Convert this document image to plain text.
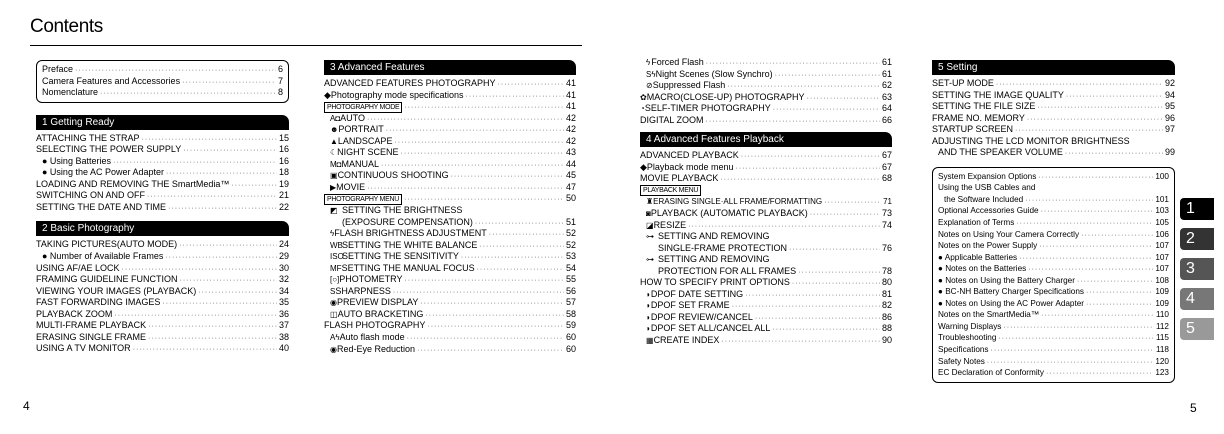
Contents
Preface ·····	6
Camera Features and Accessories ·····	7
Nomenclature ·····	8
1 Getting Ready
ATTACHING THE STRAP ·····	15
SELECTING THE POWER SUPPLY ·····	16
● Using Batteries ·····	16
● Using the AC Power Adapter ·····	18
LOADING AND REMOVING THE SmartMedia™ ·····	19
SWITCHING ON AND OFF ·····	21
SETTING THE DATE AND TIME ·····	22
2 Basic Photography
TAKING PICTURES(AUTO MODE) ·····	24
● Number of Available Frames ·····	29
USING AF/AE LOCK ·····	30
FRAMING GUIDELINE FUNCTION ·····	32
VIEWING YOUR IMAGES (PLAYBACK) ·····	34
FAST FORWARDING IMAGES ·····	35
PLAYBACK ZOOM ·····	36
MULTI-FRAME PLAYBACK ·····	37
ERASING SINGLE FRAME ·····	38
USING A TV MONITOR ·····	40
4
3 Advanced Features
ADVANCED FEATURES PHOTOGRAPHY ·····	41
◆Photography mode specifications ·····	41
PHOTOGRAPHY MODE ·····	41
A◘ AUTO ·····	42
☻ PORTRAIT ·····	42
▲ LANDSCAPE ·····	42
☾ NIGHT SCENE ·····	43
M◘ MANUAL ·····	44
▣ CONTINUOUS SHOOTING ·····	45
▶ MOVIE ·····	47
PHOTOGRAPHY MENU ·····	50
◩ SETTING THE BRIGHTNESS
(EXPOSURE COMPENSATION) ·····	51
ϟ FLASH BRIGHTNESS ADJUSTMENT ·····	52
WB SETTING THE WHITE BALANCE ·····	52
ISO
SETTING THE SENSITIVITY ·····	53
MF SETTING THE MANUAL FOCUS ·····	54
[○] PHOTOMETRY ·····	55
S SHARPNESS ·····	56
◉ PREVIEW DISPLAY ·····	57
◫ AUTO BRACKETING ·····	58
FLASH PHOTOGRAPHY ·····	59
Aϟ Auto flash mode ·····	60
◉ Red-Eye Reduction ·····	60
ϟ Forced Flash ·····	61
Sϟ Night Scenes (Slow Synchro) ·····	61
⊘ Suppressed Flash ·····	62
✿ MACRO(CLOSE-UP) PHOTOGRAPHY ·····	63
◔ SELF-TIMER PHOTOGRAPHY ·····	64
DIGITAL ZOOM ·····	66
4 Advanced Features Playback
ADVANCED PLAYBACK ·····	67
◆Playback mode menu ·····	67
MOVIE PLAYBACK ·····	68
PLAYBACK MENU
♜ ERASING SINGLE·ALL FRAME/FORMATTING ·····	71
◙ PLAYBACK (AUTOMATIC PLAYBACK) ·····	73
◪ RESIZE ·····	74
⊶ SETTING AND REMOVING
SINGLE-FRAME PROTECTION ·····	76
⊶ SETTING AND REMOVING
PROTECTION FOR ALL FRAMES ·····	78
HOW TO SPECIFY PRINT OPTIONS ·····	80
◗ DPOF DATE SETTING ·····	81
◗ DPOF SET FRAME ·····	82
◗ DPOF REVIEW/CANCEL ·····	86
◗ DPOF SET ALL/CANCEL ALL ·····	88
▦ CREATE INDEX ·····	90
5 Setting
SET-UP MODE ·····	92
SETTING THE IMAGE QUALITY ·····	94
SETTING THE FILE SIZE ·····	95
FRAME NO. MEMORY ·····	96
STARTUP SCREEN ·····	97
ADJUSTING THE LCD MONITOR BRIGHTNESS
AND THE SPEAKER VOLUME ·····	99
System Expansion Options ·····	100
Using the USB Cables and
the Software Included ·····	101
Optional Accessories Guide ·····	103
Explanation of Terms ·····	105
Notes on Using Your Camera Correctly ·····	106
Notes on the Power Supply ·····	107
● Applicable Batteries ·····	107
● Notes on the Batteries ·····	107
● Notes on Using the Battery Charger ·····	108
● BC-NH Battery Charger Specifications ·····	109
● Notes on Using the AC Power Adapter ·····	109
Notes on the SmartMedia™ ·····	110
Warning Displays ·····	112
Troubleshooting ·····	115
Specifications ·····	118
Safety Notes ·····	120
EC Declaration of Conformity ·····	123
5
1
2
3
4
5
